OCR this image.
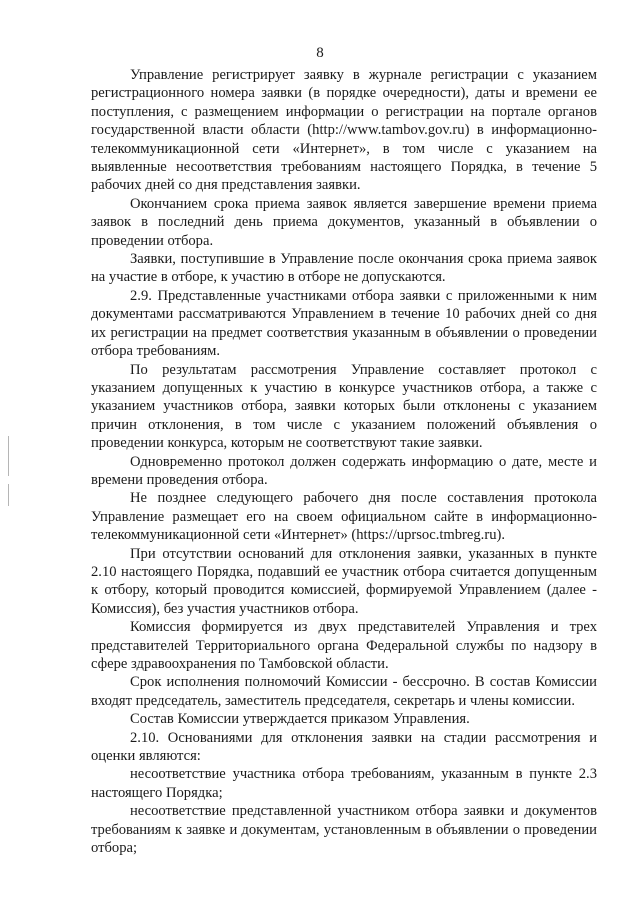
8

Управление регистрирует заявку в журнале регистрации с указанием регистрационного номера заявки (в порядке очередности), даты и времени ее поступления, с размещением информации о регистрации на портале органов государственной власти области (http://www.tambov.gov.ru) в информационно-телекоммуникационной сети «Интернет», в том числе с указанием на выявленные несоответствия требованиям настоящего Порядка, в течение 5 рабочих дней со дня представления заявки.

Окончанием срока приема заявок является завершение времени приема заявок в последний день приема документов, указанный в объявлении о проведении отбора.

Заявки, поступившие в Управление после окончания срока приема заявок на участие в отборе, к участию в отборе не допускаются.

2.9. Представленные участниками отбора заявки с приложенными к ним документами рассматриваются Управлением в течение 10 рабочих дней со дня их регистрации на предмет соответствия указанным в объявлении о проведении отбора требованиям.

По результатам рассмотрения Управление составляет протокол с указанием допущенных к участию в конкурсе участников отбора, а также с указанием участников отбора, заявки которых были отклонены с указанием причин отклонения, в том числе с указанием положений объявления о проведении конкурса, которым не соответствуют такие заявки.

Одновременно протокол должен содержать информацию о дате, месте и времени проведения отбора.

Не позднее следующего рабочего дня после составления протокола Управление размещает его на своем официальном сайте в информационно-телекоммуникационной сети «Интернет» (https://uprsoc.tmbreg.ru).

При отсутствии оснований для отклонения заявки, указанных в пункте 2.10 настоящего Порядка, подавший ее участник отбора считается допущенным к отбору, который проводится комиссией, формируемой Управлением (далее - Комиссия), без участия участников отбора.

Комиссия формируется из двух представителей Управления и трех представителей Территориального органа Федеральной службы по надзору в сфере здравоохранения по Тамбовской области.

Срок исполнения полномочий Комиссии - бессрочно. В состав Комиссии входят председатель, заместитель председателя, секретарь и члены комиссии.

Состав Комиссии утверждается приказом Управления.

2.10. Основаниями для отклонения заявки на стадии рассмотрения и оценки являются:

несоответствие участника отбора требованиям, указанным в пункте 2.3 настоящего Порядка;

несоответствие представленной участником отбора заявки и документов требованиям к заявке и документам, установленным в объявлении о проведении отбора;
